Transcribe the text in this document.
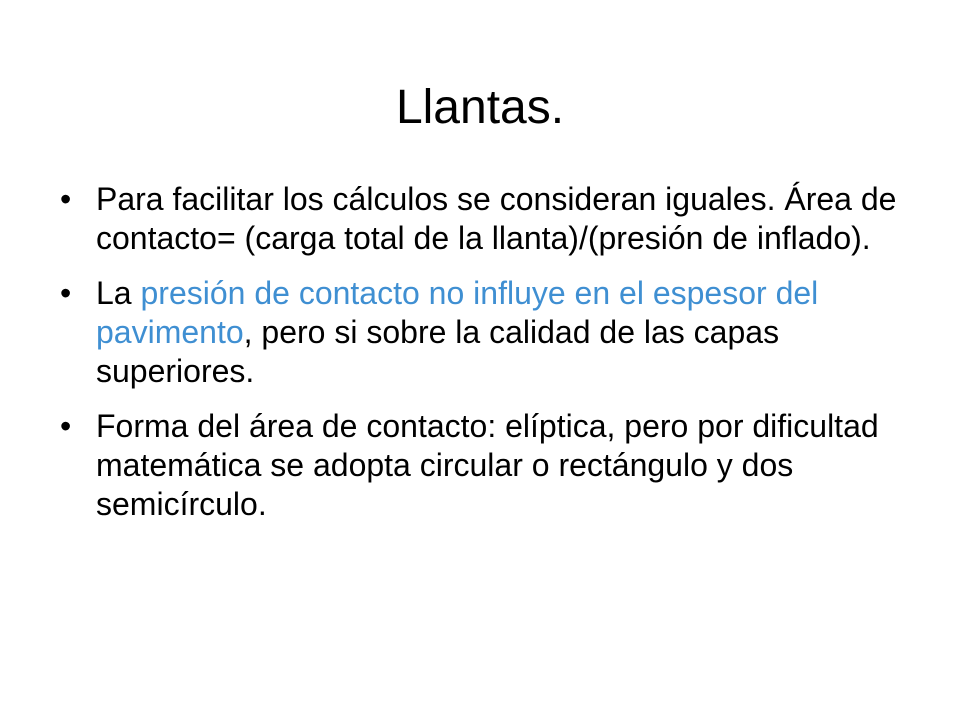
Llantas.
• Para facilitar los cálculos se consideran iguales. Área de contacto= (carga total de la llanta)/(presión de inflado).
• La presión de contacto no influye en el espesor del pavimento, pero si sobre la calidad de las capas superiores.
• Forma del área de contacto: elíptica, pero por dificultad matemática se adopta circular o rectángulo y dos semicírculo.
